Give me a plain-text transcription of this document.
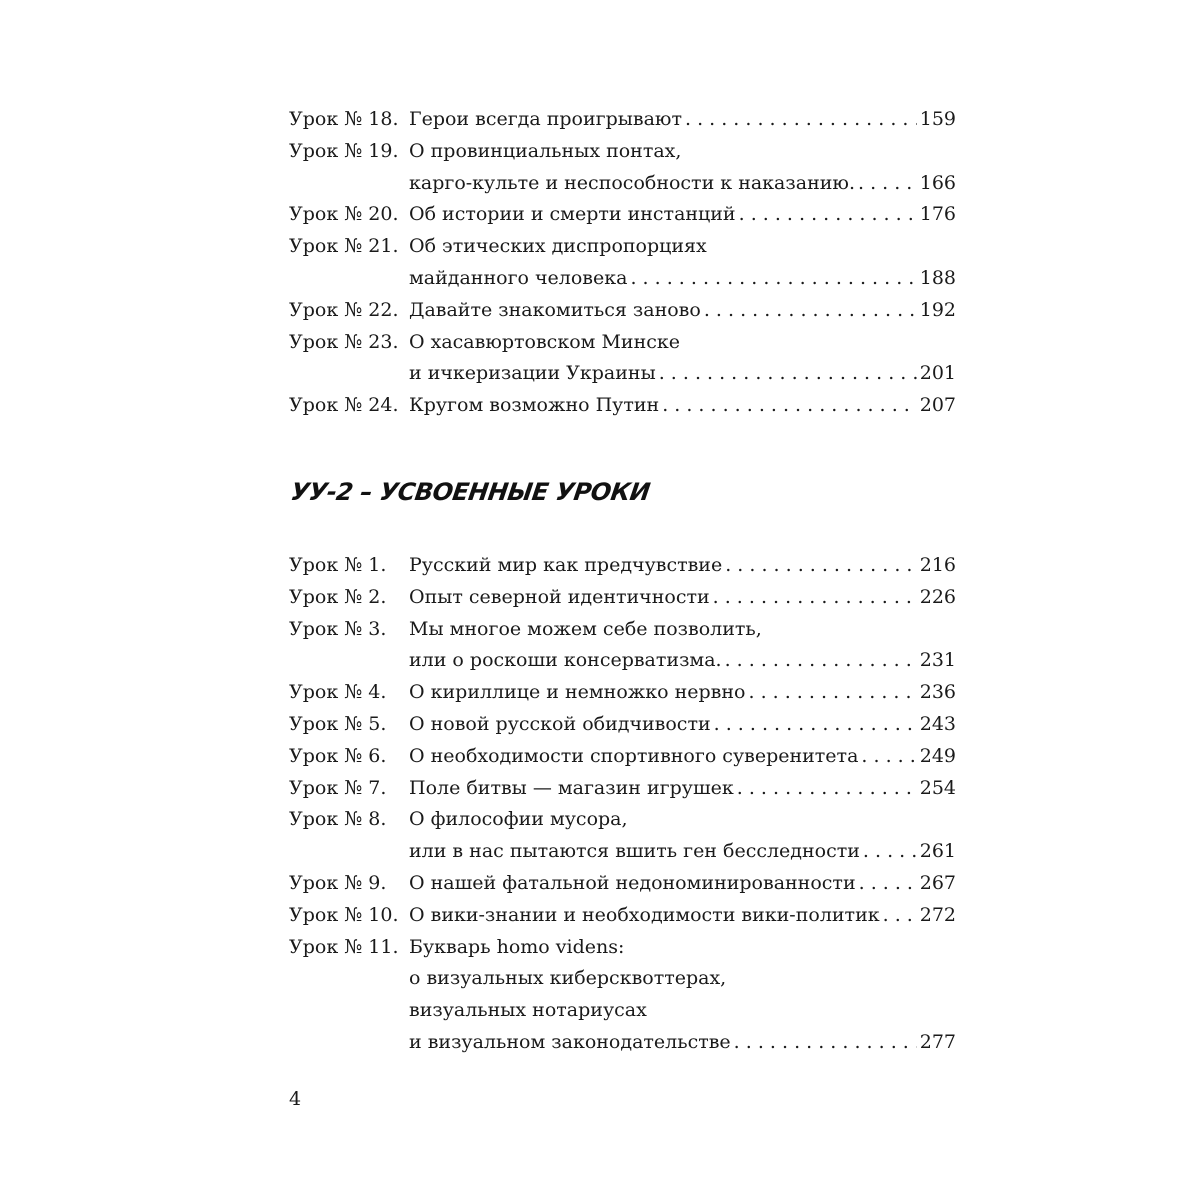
Урок № 18. Герои всегда проигрывают . . .	159
Урок № 19. О провинциальных понтах,
карго-культе и неспособности к наказанию. . . .	166
Урок № 20. Об истории и смерти инстанций . . .	176
Урок № 21. Об этических диспропорциях
майданного человека . . .	188
Урок № 22. Давайте знакомиться заново . . .	192
Урок № 23. О хасавюртовском Минске
и ичкеризации Украины . . .	201
Урок № 24. Кругом возможно Путин . . .	207
УУ-2 – УСВОЕННЫЕ УРОКИ
Урок № 1.	Русский мир как предчувствие . . .	216
Урок № 2.	Опыт северной идентичности . . .	226
Урок № 3.	Мы многое можем себе позволить,
или о роскоши консерватизма. . . .	231
Урок № 4.	О кириллице и немножко нервно . . .	236
Урок № 5.	О новой русской обидчивости . . .	243
Урок № 6.	О необходимости спортивного суверенитета . . .	249
Урок № 7.	Поле битвы — магазин игрушек . . .	254
Урок № 8.	О философии мусора,
или в нас пытаются вшить ген бесследности . . .	261
Урок № 9.	О нашей фатальной недономинированности . . .	267
Урок № 10. О вики-знании и необходимости вики-политик . . . 272
Урок № 11. Букварь homo videns:
о визуальных киберсквоттерах,
визуальных нотариусах
и визуальном законодательстве . . .	277
4
